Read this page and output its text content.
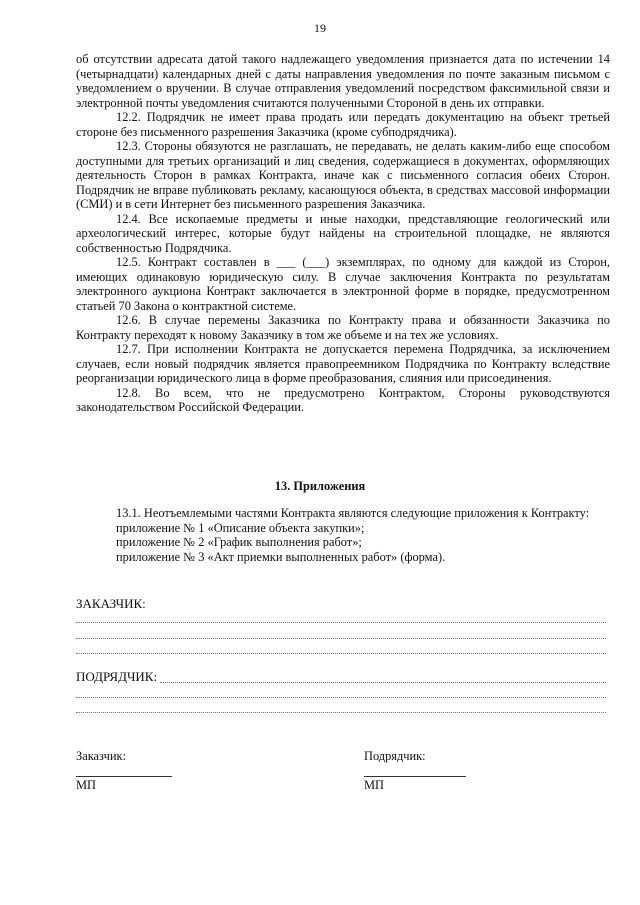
19

об отсутствии адресата датой такого надлежащего уведомления признается дата по истечении 14 (четырнадцати) календарных дней с даты направления уведомления по почте заказным письмом с уведомлением о вручении. В случае отправления уведомлений посредством факсимильной связи и электронной почты уведомления считаются полученными Стороной в день их отправки.

12.2. Подрядчик не имеет права продать или передать документацию на объект третьей стороне без письменного разрешения Заказчика (кроме субподрядчика).

12.3. Стороны обязуются не разглашать, не передавать, не делать каким-либо еще способом доступными для третьих организаций и лиц сведения, содержащиеся в документах, оформляющих деятельность Сторон в рамках Контракта, иначе как с письменного согласия обеих Сторон. Подрядчик не вправе публиковать рекламу, касающуюся объекта, в средствах массовой информации (СМИ) и в сети Интернет без письменного разрешения Заказчика.

12.4. Все ископаемые предметы и иные находки, представляющие геологический или археологический интерес, которые будут найдены на строительной площадке, не являются собственностью Подрядчика.

12.5. Контракт составлен в ___ (___) экземплярах, по одному для каждой из Сторон, имеющих одинаковую юридическую силу. В случае заключения Контракта по результатам электронного аукциона Контракт заключается в электронной форме в порядке, предусмотренном статьей 70 Закона о контрактной системе.

12.6. В случае перемены Заказчика по Контракту права и обязанности Заказчика по Контракту переходят к новому Заказчику в том же объеме и на тех же условиях.

12.7. При исполнении Контракта не допускается перемена Подрядчика, за исключением случаев, если новый подрядчик является правопреемником Подрядчика по Контракту вследствие реорганизации юридического лица в форме преобразования, слияния или присоединения.

12.8. Во всем, что не предусмотрено Контрактом, Стороны руководствуются законодательством Российской Федерации.

13. Приложения

13.1. Неотъемлемыми частями Контракта являются следующие приложения к Контракту:

приложение № 1 «Описание объекта закупки»;

приложение № 2 «График выполнения работ»;

приложение № 3 «Акт приемки выполненных работ» (форма).

ЗАКАЗЧИК:
ПОДРЯДЧИК:
Заказчик:
МП
Подрядчик:
МП
